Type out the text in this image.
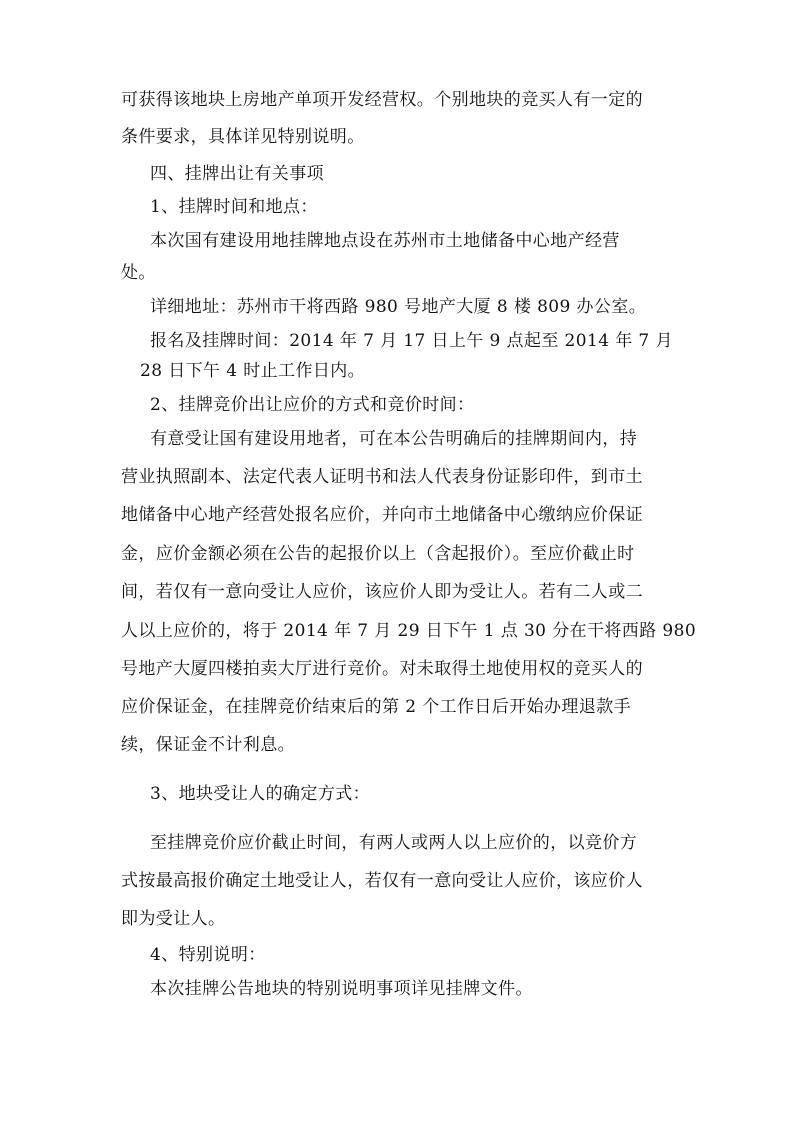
可获得该地块上房地产单项开发经营权。个别地块的竞买人有一定的
条件要求，具体详见特别说明。
四、挂牌出让有关事项
1、挂牌时间和地点：
本次国有建设用地挂牌地点设在苏州市土地储备中心地产经营
处。
详细地址：苏州市干将西路 980 号地产大厦 8 楼 809 办公室。
报名及挂牌时间：2014 年 7 月 17 日上午 9 点起至 2014 年 7 月
28 日下午 4 时止工作日内。
2、挂牌竞价出让应价的方式和竞价时间：
有意受让国有建设用地者，可在本公告明确后的挂牌期间内，持
营业执照副本、法定代表人证明书和法人代表身份证影印件，到市土
地储备中心地产经营处报名应价，并向市土地储备中心缴纳应价保证
金，应价金额必须在公告的起报价以上（含起报价）。至应价截止时
间，若仅有一意向受让人应价，该应价人即为受让人。若有二人或二
人以上应价的，将于 2014 年 7 月 29 日下午 1 点 30 分在干将西路 980
号地产大厦四楼拍卖大厅进行竞价。对未取得土地使用权的竞买人的
应价保证金，在挂牌竞价结束后的第 2 个工作日后开始办理退款手
续，保证金不计利息。
3、地块受让人的确定方式：
至挂牌竞价应价截止时间，有两人或两人以上应价的，以竞价方
式按最高报价确定土地受让人，若仅有一意向受让人应价，该应价人
即为受让人。
4、特别说明：
本次挂牌公告地块的特别说明事项详见挂牌文件。
